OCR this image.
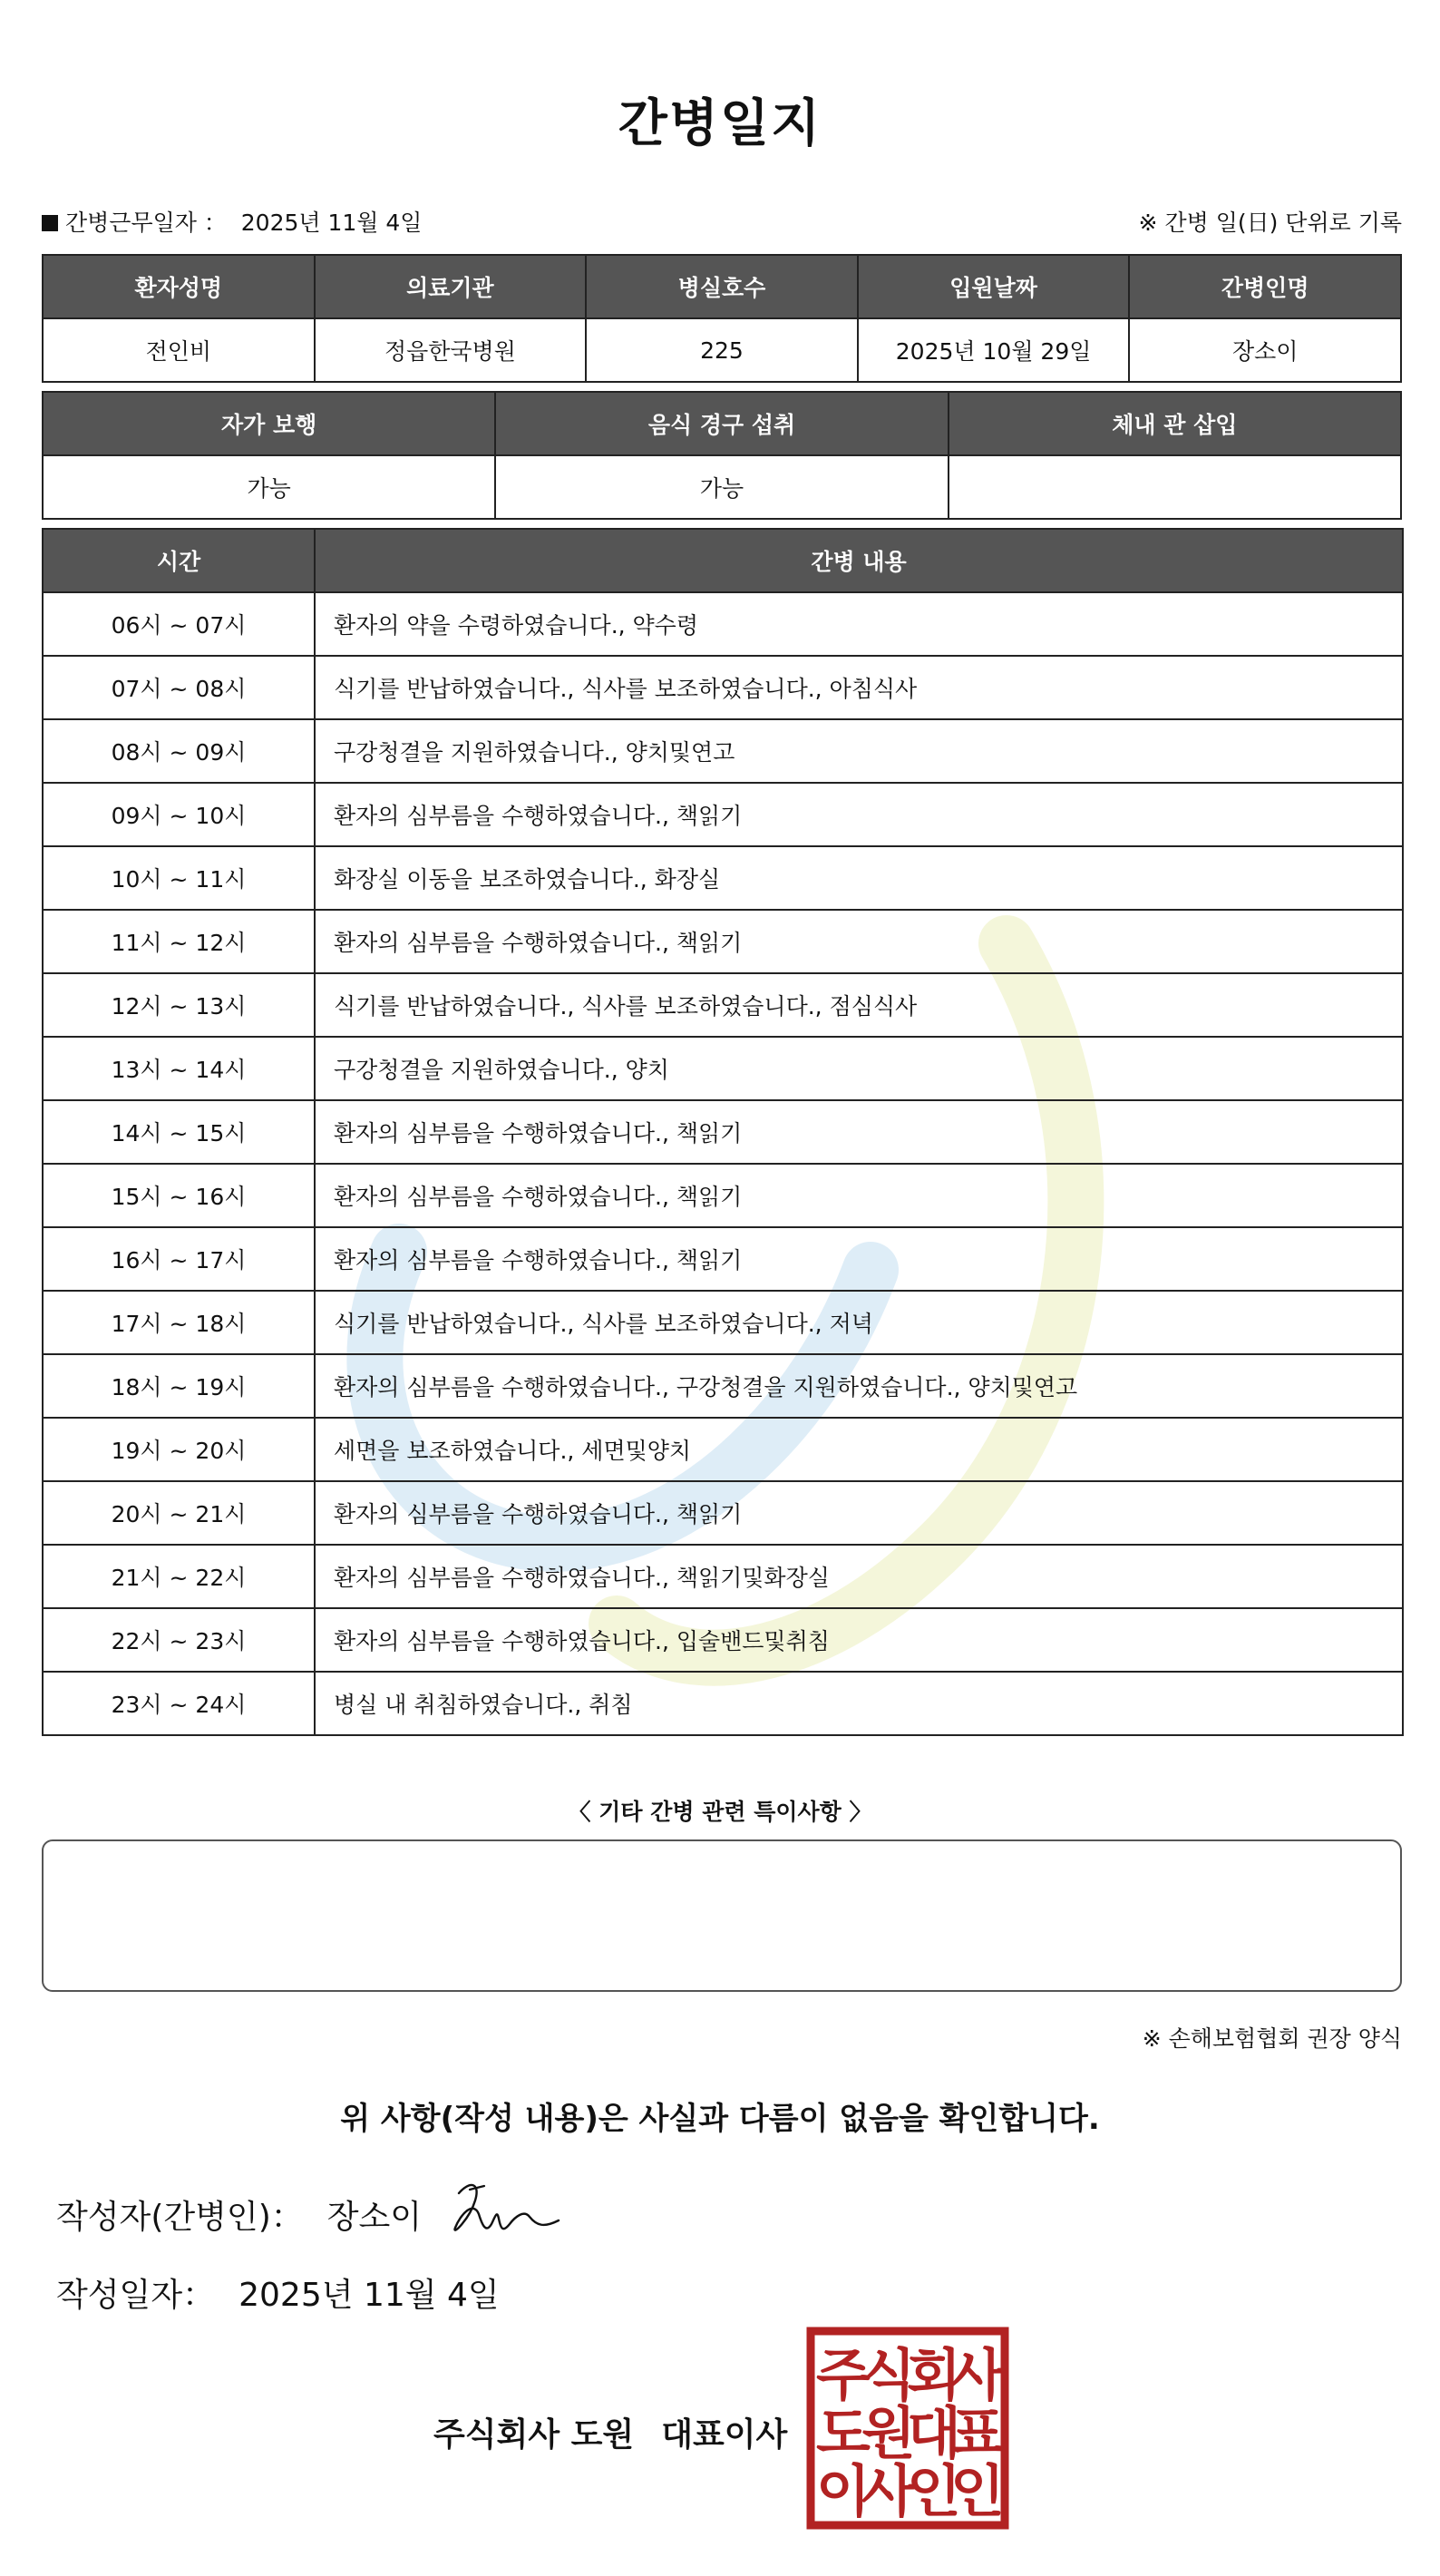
간병일지
간병근무일자 ： 2025년 11월 4일	※ 간병 일(日) 단위로 기록
환자성명	의료기관	병실호수	입원날짜	간병인명
전인비	정읍한국병원	225	2025년 10월 29일	장소이
자가 보행	음식 경구 섭취	체내 관 삽입
가능	가능	
시간	간병 내용
06시 ~ 07시	환자의 약을 수령하였습니다., 약수령
07시 ~ 08시	식기를 반납하였습니다., 식사를 보조하였습니다., 아침식사
08시 ~ 09시	구강청결을 지원하였습니다., 양치및연고
09시 ~ 10시	환자의 심부름을 수행하였습니다., 책읽기
10시 ~ 11시	화장실 이동을 보조하였습니다., 화장실
11시 ~ 12시	환자의 심부름을 수행하였습니다., 책읽기
12시 ~ 13시	식기를 반납하였습니다., 식사를 보조하였습니다., 점심식사
13시 ~ 14시	구강청결을 지원하였습니다., 양치
14시 ~ 15시	환자의 심부름을 수행하였습니다., 책읽기
15시 ~ 16시	환자의 심부름을 수행하였습니다., 책읽기
16시 ~ 17시	환자의 심부름을 수행하였습니다., 책읽기
17시 ~ 18시	식기를 반납하였습니다., 식사를 보조하였습니다., 저녁
18시 ~ 19시	환자의 심부름을 수행하였습니다., 구강청결을 지원하였습니다., 양치및연고
19시 ~ 20시	세면을 보조하였습니다., 세면및양치
20시 ~ 21시	환자의 심부름을 수행하였습니다., 책읽기
21시 ~ 22시	환자의 심부름을 수행하였습니다., 책읽기및화장실
22시 ~ 23시	환자의 심부름을 수행하였습니다., 입술밴드및취침
23시 ~ 24시	병실 내 취침하였습니다., 취침
〈 기타 간병 관련 특이사항 〉
※ 손해보험협회 권장 양식
위 사항(작성 내용)은 사실과 다름이 없음을 확인합니다.
작성자(간병인)： 장소이
작성일자： 2025년 11월 4일
주식회사 도원 대표이사
주
식
회
사
도
원
대
표
이
사
인
인
